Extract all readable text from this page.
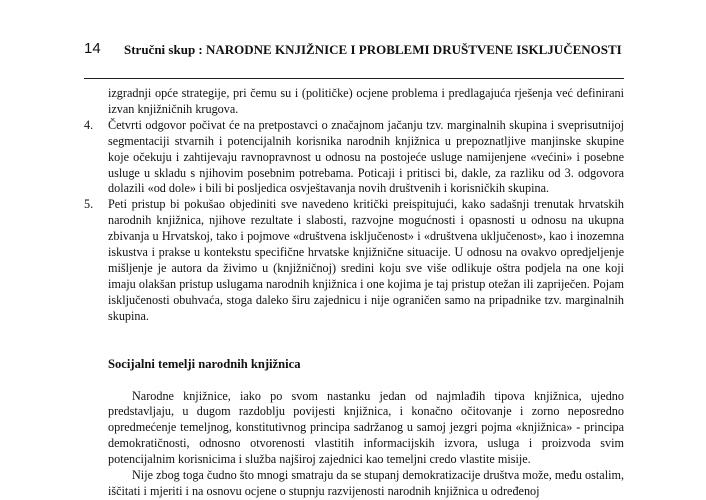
14 Stručni skup : NARODNE KNJIŽNICE I PROBLEMI DRUŠTVENE ISKLJUČENOSTI

izgradnji opće strategije, pri čemu su i (političke) ocjene problema i predlagajuća rješenja već definirani izvan knjižničnih krugova.

4. Četvrti odgovor počivat će na pretpostavci o značajnom jačanju tzv. marginalnih skupina i sveprisutnijoj segmentaciji stvarnih i potencijalnih korisnika narodnih knjižnica u prepoznatljive manjinske skupine koje očekuju i zahtijevaju ravnopravnost u odnosu na postojeće usluge namijenjene «većini» i posebne usluge u skladu s njihovim posebnim potrebama. Poticaji i pritisci bi, dakle, za razliku od 3. odgovora dolazili «od dole» i bili bi posljedica osvještavanja novih društvenih i korisničkih skupina.

5. Peti pristup bi pokušao objediniti sve navedeno kritički preispitujući, kako sadašnji trenutak hrvatskih narodnih knjižnica, njihove rezultate i slabosti, razvojne mogućnosti i opasnosti u odnosu na ukupna zbivanja u Hrvatskoj, tako i pojmove «društvena isključenost» i «društvena uključenost», kao i inozemna iskustva i prakse u kontekstu specifične hrvatske knjižnične situacije. U odnosu na ovakvo opredjeljenje mišljenje je autora da živimo u (knjižničnoj) sredini koju sve više odlikuje oštra podjela na one koji imaju olakšan pristup uslugama narodnih knjižnica i one kojima je taj pristup otežan ili zapriječen. Pojam isključenosti obuhvaća, stoga daleko širu zajednicu i nije ograničen samo na pripadnike tzv. marginalnih skupina.

Socijalni temelji narodnih knjižnica

Narodne knjižnice, iako po svom nastanku jedan od najmlađih tipova knjižnica, ujedno predstavljaju, u dugom razdoblju povijesti knjižnica, i konačno očitovanje i zorno neposredno opredmećenje temeljnog, konstitutivnog principa sadržanog u samoj jezgri pojma «knjižnica» - principa demokratičnosti, odnosno otvorenosti vlastitih informacijskih izvora, usluga i proizvoda svim potencijalnim korisnicima i služba najširoj zajednici kao temeljni credo vlastite misije.

Nije zbog toga čudno što mnogi smatraju da se stupanj demokratizacije društva može, među ostalim, iščitati i mjeriti i na osnovu ocjene o stupnju razvijenosti narodnih knjižnica u određenoj
